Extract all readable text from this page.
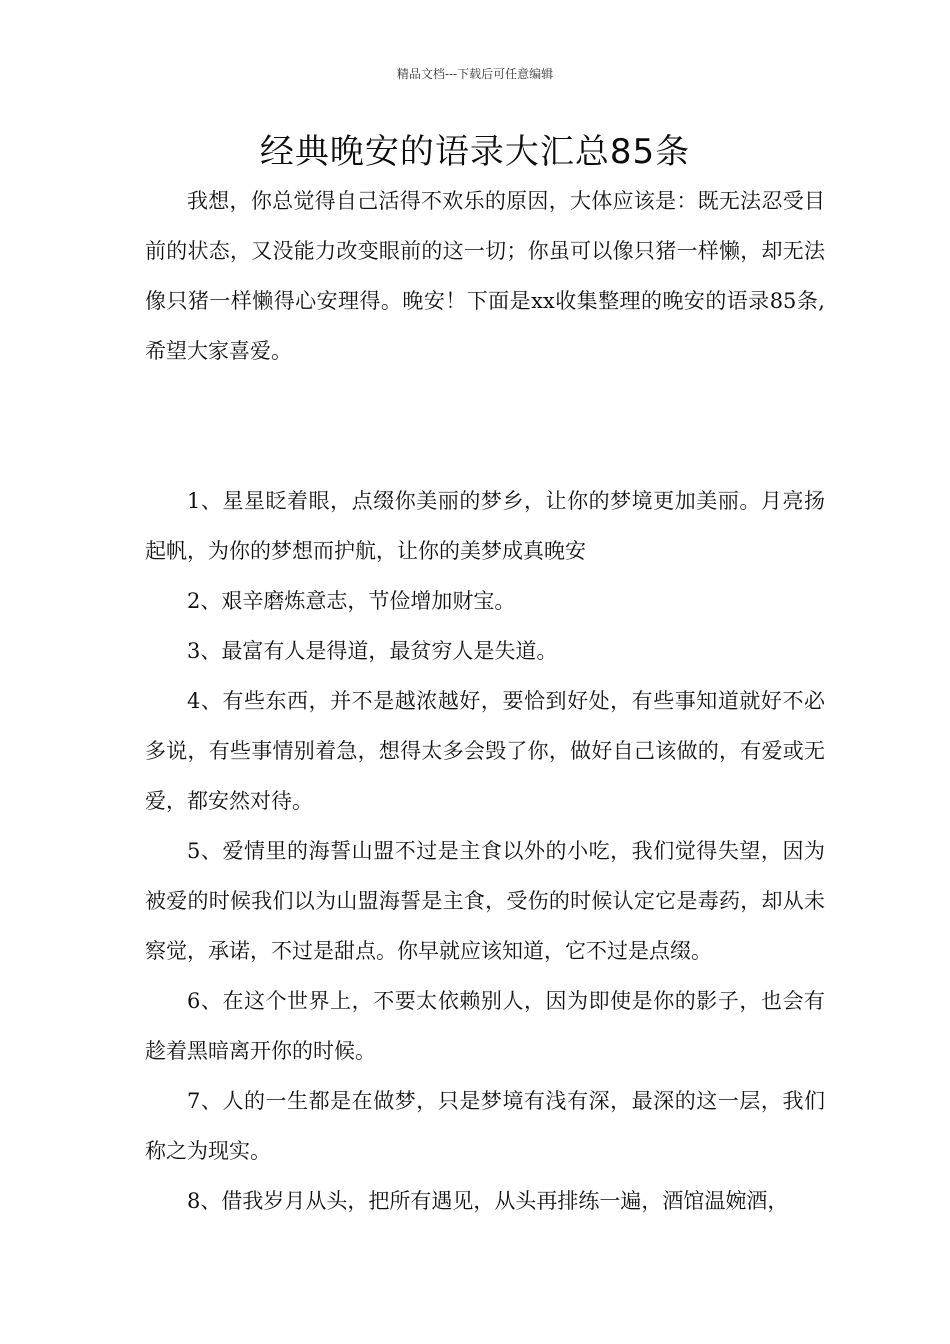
精品文档---下载后可任意编辑
经典晚安的语录大汇总85条

我想，你总觉得自己活得不欢乐的原因，大体应该是：既无法忍受目前的状态，又没能力改变眼前的这一切；你虽可以像只猪一样懒，却无法像只猪一样懒得心安理得。晚安！下面是xx收集整理的晚安的语录85条,希望大家喜爱。

1、星星眨着眼，点缀你美丽的梦乡，让你的梦境更加美丽。月亮扬起帆，为你的梦想而护航，让你的美梦成真晚安

2、艰辛磨炼意志，节俭增加财宝。

3、最富有人是得道，最贫穷人是失道。

4、有些东西，并不是越浓越好，要恰到好处，有些事知道就好不必多说，有些事情别着急，想得太多会毁了你，做好自己该做的，有爱或无爱，都安然对待。

5、爱情里的海誓山盟不过是主食以外的小吃，我们觉得失望，因为被爱的时候我们以为山盟海誓是主食，受伤的时候认定它是毒药，却从未察觉，承诺，不过是甜点。你早就应该知道，它不过是点缀。

6、在这个世界上，不要太依赖别人，因为即使是你的影子，也会有趁着黑暗离开你的时候。

7、人的一生都是在做梦，只是梦境有浅有深，最深的这一层，我们称之为现实。

8、借我岁月从头，把所有遇见，从头再排练一遍，酒馆温婉酒，
